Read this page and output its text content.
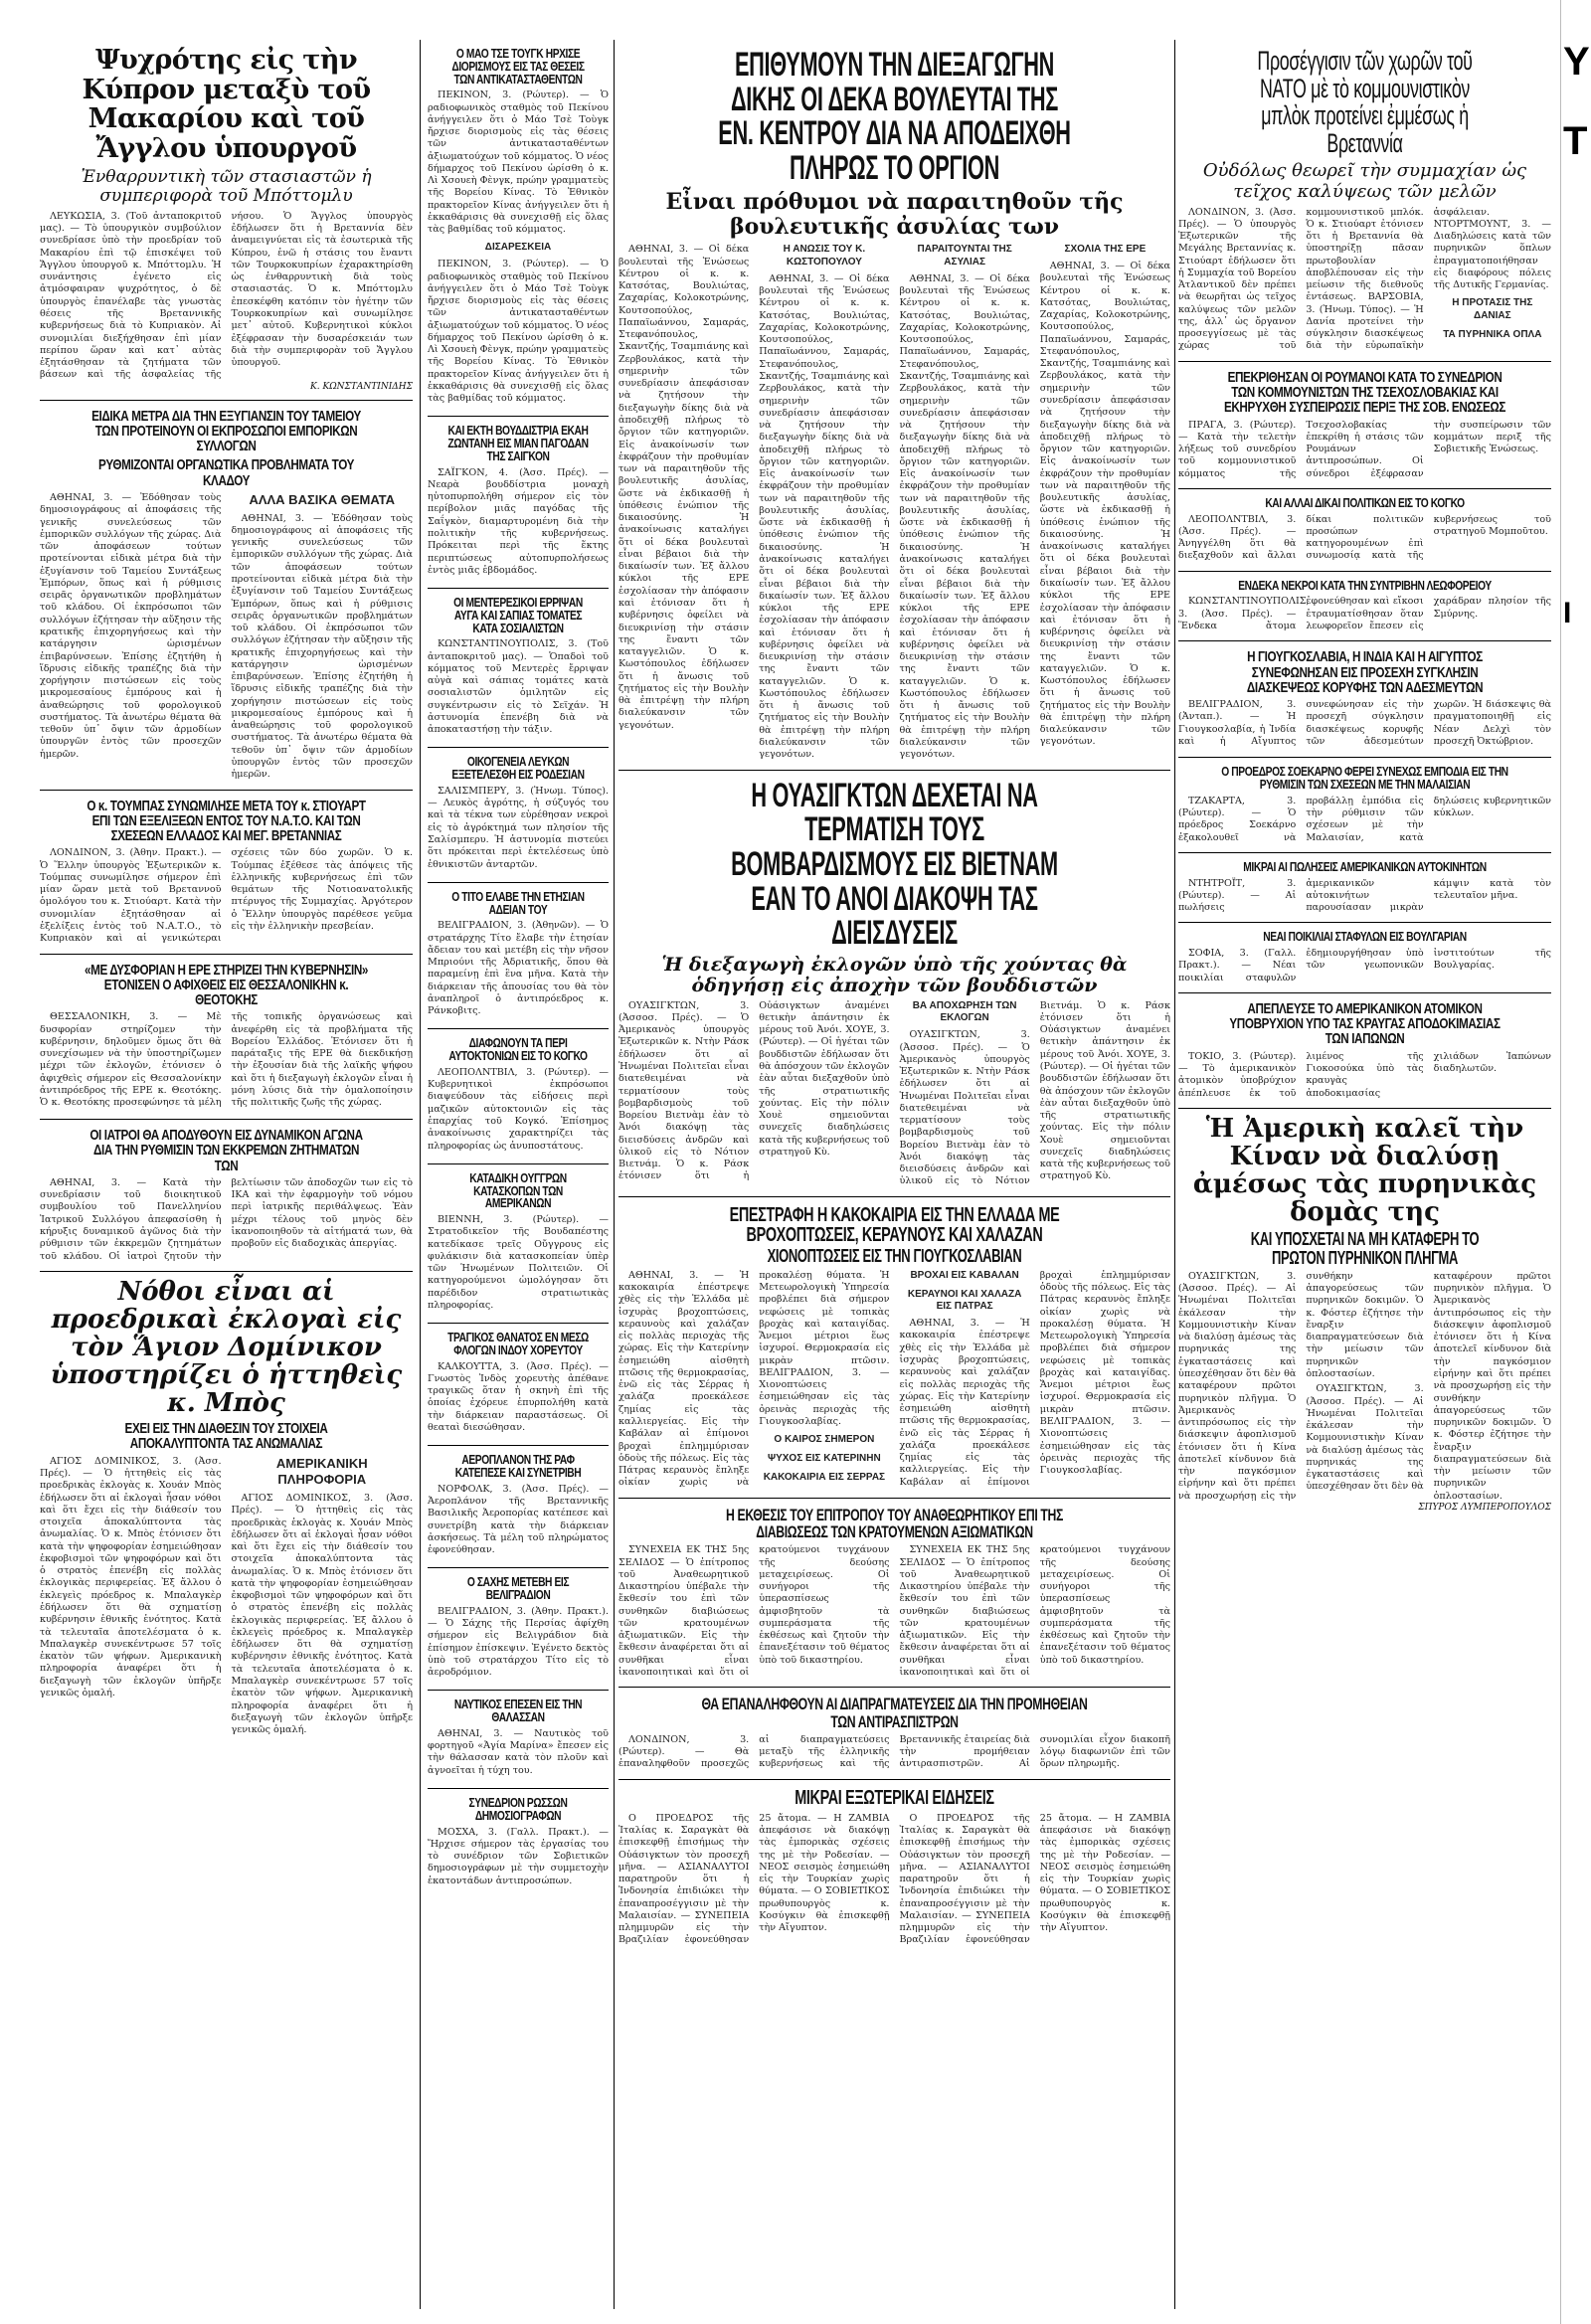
Ψυχρότης εἰς τὴν Κύπρον μεταξὺ τοῦ Μακαρίου καὶ τοῦ Ἄγγλου ὑπουργοῦ
Ἐνθαρρυντικὴ τῶν στασιαστῶν ἡ συμπεριφορὰ τοῦ Μπόττομλυ

ΛΕΥΚΩΣΙΑ, 3. (Τοῦ ἀνταποκριτοῦ μας). — Τὸ ὑπουργικὸν συμβούλιον συνεδρίασε ὑπὸ τὴν προεδρίαν τοῦ Μακαρίου ἐπὶ τῷ ἐπισκέψει τοῦ Ἄγγλου ὑπουργοῦ κ. Μπόττομλυ. Ἡ συνάντησις ἐγένετο εἰς ἀτμόσφαιραν ψυχρότητος, ὁ δὲ ὑπουργὸς ἐπανέλαβε τὰς γνωστὰς θέσεις τῆς Βρεταννικῆς κυβερνήσεως διὰ τὸ Κυπριακὸν. Αἱ συνομιλίαι διεξήχθησαν ἐπὶ μίαν περίπου ὥραν καὶ κατ᾿ αὐτὰς ἐξητάσθησαν τὰ ζητήματα τῶν βάσεων καὶ τῆς ἀσφαλείας τῆς νήσου. Ὁ Ἄγγλος ὑπουργὸς ἐδήλωσεν ὅτι ἡ Βρεταννία δὲν ἀναμειγνύεται εἰς τὰ ἐσωτερικὰ τῆς Κύπρου, ἐνῶ ἡ στάσις του ἔναντι τῶν Τουρκοκυπρίων ἐχαρακτηρίσθη ὡς ἐνθαρρυντικὴ διὰ τοὺς στασιαστάς. Ὁ κ. Μπόττομλυ ἐπεσκέφθη κατόπιν τὸν ἡγέτην τῶν Τουρκοκυπρίων καὶ συνωμίλησε μετ᾿ αὐτοῦ. Κυβερνητικοὶ κύκλοι ἐξέφρασαν τὴν δυσαρέσκειάν των διὰ τὴν συμπεριφορὰν τοῦ Ἄγγλου ὑπουργοῦ.

Κ. ΚΩΝΣΤΑΝΤΙΝΙΔΗΣ
ΕΙΔΙΚΑ ΜΕΤΡΑ ΔΙΑ ΤΗΝ ΕΞΥΓΙΑΝΣΙΝ ΤΟΥ ΤΑΜΕΙΟΥ ΤΩΝ ΠΡΟΤΕΙΝΟΥΝ ΟΙ ΕΚΠΡΟΣΩΠΟΙ ΕΜΠΟΡΙΚΩΝ ΣΥΛΛΟΓΩΝ
ΡΥΘΜΙΖΟΝΤΑΙ ΟΡΓΑΝΩΤΙΚΑ ΠΡΟΒΛΗΜΑΤΑ ΤΟΥ ΚΛΑΔΟΥ

ΑΘΗΝΑΙ, 3. — Ἐδόθησαν τοὺς δημοσιογράφους αἱ ἀποφάσεις τῆς γενικῆς συνελεύσεως τῶν ἐμπορικῶν συλλόγων τῆς χώρας. Διὰ τῶν ἀποφάσεων τούτων προτείνονται εἰδικὰ μέτρα διὰ τὴν ἐξυγίανσιν τοῦ Ταμείου Συντάξεως Ἐμπόρων, ὅπως καὶ ἡ ρύθμισις σειρᾶς ὀργανωτικῶν προβλημάτων τοῦ κλάδου. Οἱ ἐκπρόσωποι τῶν συλλόγων ἐζήτησαν τὴν αὔξησιν τῆς κρατικῆς ἐπιχορηγήσεως καὶ τὴν κατάργησιν ὡρισμένων ἐπιβαρύνσεων. Ἐπίσης ἐζητήθη ἡ ἵδρυσις εἰδικῆς τραπέζης διὰ τὴν χορήγησιν πιστώσεων εἰς τοὺς μικρομεσαίους ἐμπόρους καὶ ἡ ἀναθεώρησις τοῦ φορολογικοῦ συστήματος. Τὰ ἀνωτέρω θέματα θὰ τεθοῦν ὑπ᾿ ὄψιν τῶν ἁρμοδίων ὑπουργῶν ἐντὸς τῶν προσεχῶν ἡμερῶν.

ΑΛΛΑ ΒΑΣΙΚΑ ΘΕΜΑΤΑ

ΑΘΗΝΑΙ, 3. — Ἐδόθησαν τοὺς δημοσιογράφους αἱ ἀποφάσεις τῆς γενικῆς συνελεύσεως τῶν ἐμπορικῶν συλλόγων τῆς χώρας. Διὰ τῶν ἀποφάσεων τούτων προτείνονται εἰδικὰ μέτρα διὰ τὴν ἐξυγίανσιν τοῦ Ταμείου Συντάξεως Ἐμπόρων, ὅπως καὶ ἡ ρύθμισις σειρᾶς ὀργανωτικῶν προβλημάτων τοῦ κλάδου. Οἱ ἐκπρόσωποι τῶν συλλόγων ἐζήτησαν τὴν αὔξησιν τῆς κρατικῆς ἐπιχορηγήσεως καὶ τὴν κατάργησιν ὡρισμένων ἐπιβαρύνσεων. Ἐπίσης ἐζητήθη ἡ ἵδρυσις εἰδικῆς τραπέζης διὰ τὴν χορήγησιν πιστώσεων εἰς τοὺς μικρομεσαίους ἐμπόρους καὶ ἡ ἀναθεώρησις τοῦ φορολογικοῦ συστήματος. Τὰ ἀνωτέρω θέματα θὰ τεθοῦν ὑπ᾿ ὄψιν τῶν ἁρμοδίων ὑπουργῶν ἐντὸς τῶν προσεχῶν ἡμερῶν.

Ο κ. ΤΟΥΜΠΑΣ ΣΥΝΩΜΙΛΗΣΕ ΜΕΤΑ ΤΟΥ κ. ΣΤΙΟΥΑΡΤ ΕΠΙ ΤΩΝ ΕΞΕΛΙΞΕΩΝ ΕΝΤΟΣ ΤΟΥ Ν.Α.Τ.Ο. ΚΑΙ ΤΩΝ ΣΧΕΣΕΩΝ ΕΛΛΑΔΟΣ ΚΑΙ ΜΕΓ. ΒΡΕΤΑΝΝΙΑΣ

ΛΟΝΔΙΝΟΝ, 3. (Ἀθην. Πρακτ.). — Ὁ Ἕλλην ὑπουργὸς Ἐξωτερικῶν κ. Τούμπας συνωμίλησε σήμερον ἐπὶ μίαν ὥραν μετὰ τοῦ Βρεταννοῦ ὁμολόγου του κ. Στιούαρτ. Κατὰ τὴν συνομιλίαν ἐξητάσθησαν αἱ ἐξελίξεις ἐντὸς τοῦ Ν.Α.Τ.Ο., τὸ Κυπριακὸν καὶ αἱ γενικώτεραι σχέσεις τῶν δύο χωρῶν. Ὁ κ. Τούμπας ἐξέθεσε τὰς ἀπόψεις τῆς ἑλληνικῆς κυβερνήσεως ἐπὶ τῶν θεμάτων τῆς Νοτιοανατολικῆς πτέρυγος τῆς Συμμαχίας. Ἀργότερον ὁ Ἕλλην ὑπουργὸς παρέθεσε γεῦμα εἰς τὴν ἑλληνικὴν πρεσβείαν.

«ΜΕ ΔΥΣΦΟΡΙΑΝ Η ΕΡΕ ΣΤΗΡΙΖΕΙ ΤΗΝ ΚΥΒΕΡΝΗΣΙΝ» ΕΤΟΝΙΣΕΝ Ο ΑΦΙΧΘΕΙΣ ΕΙΣ ΘΕΣΣΑΛΟΝΙΚΗΝ κ. ΘΕΟΤΟΚΗΣ

ΘΕΣΣΑΛΟΝΙΚΗ, 3. — Μὲ δυσφορίαν στηρίζομεν τὴν κυβέρνησιν, δηλοῦμεν ὅμως ὅτι θὰ συνεχίσωμεν νὰ τὴν ὑποστηρίζωμεν μέχρι τῶν ἐκλογῶν, ἐτόνισεν ὁ ἀφιχθεὶς σήμερον εἰς Θεσσαλονίκην ἀντιπρόεδρος τῆς ΕΡΕ κ. Θεοτόκης. Ὁ κ. Θεοτόκης προσεφώνησε τὰ μέλη τῆς τοπικῆς ὀργανώσεως καὶ ἀνεφέρθη εἰς τὰ προβλήματα τῆς Βορείου Ἑλλάδος. Ἐτόνισεν ὅτι ἡ παράταξις τῆς ΕΡΕ θὰ διεκδικήσῃ τὴν ἐξουσίαν διὰ τῆς λαϊκῆς ψήφου καὶ ὅτι ἡ διεξαγωγὴ ἐκλογῶν εἶναι ἡ μόνη λύσις διὰ τὴν ὁμαλοποίησιν τῆς πολιτικῆς ζωῆς τῆς χώρας.

ΟΙ ΙΑΤΡΟΙ ΘΑ ΑΠΟΔΥΘΟΥΝ ΕΙΣ ΔΥΝΑΜΙΚΟΝ ΑΓΩΝΑ ΔΙΑ ΤΗΝ ΡΥΘΜΙΣΙΝ ΤΩΝ ΕΚΚΡΕΜΩΝ ΖΗΤΗΜΑΤΩΝ ΤΩΝ

ΑΘΗΝΑΙ, 3. — Κατὰ τὴν συνεδρίασιν τοῦ διοικητικοῦ συμβουλίου τοῦ Πανελληνίου Ἰατρικοῦ Συλλόγου ἀπεφασίσθη ἡ κήρυξις δυναμικοῦ ἀγῶνος διὰ τὴν ρύθμισιν τῶν ἐκκρεμῶν ζητημάτων τοῦ κλάδου. Οἱ ἰατροὶ ζητοῦν τὴν βελτίωσιν τῶν ἀποδοχῶν των εἰς τὸ ΙΚΑ καὶ τὴν ἐφαρμογὴν τοῦ νόμου περὶ ἰατρικῆς περιθάλψεως. Ἐὰν μέχρι τέλους τοῦ μηνὸς δὲν ἱκανοποιηθοῦν τὰ αἰτήματά των, θὰ προβοῦν εἰς διαδοχικὰς ἀπεργίας.

Νόθοι εἶναι αἱ προεδρικαὶ ἐκλογαὶ εἰς τὸν Ἅγιον Δομίνικον ὑποστηρίζει ὁ ἡττηθεὶς κ. Μπὸς
ΕΧΕΙ ΕΙΣ ΤΗΝ ΔΙΑΘΕΣΙΝ ΤΟΥ ΣΤΟΙΧΕΙΑ ΑΠΟΚΑΛΥΠΤΟΝΤΑ ΤΑΣ ΑΝΩΜΑΛΙΑΣ

ΑΓΙΟΣ ΔΟΜΙΝΙΚΟΣ, 3. (Ἀσσ. Πρές). — Ὁ ἡττηθεὶς εἰς τὰς προεδρικὰς ἐκλογὰς κ. Χουάν Μπὸς ἐδήλωσεν ὅτι αἱ ἐκλογαὶ ἦσαν νόθοι καὶ ὅτι ἔχει εἰς τὴν διάθεσίν του στοιχεῖα ἀποκαλύπτοντα τὰς ἀνωμαλίας. Ὁ κ. Μπὸς ἐτόνισεν ὅτι κατὰ τὴν ψηφοφορίαν ἐσημειώθησαν ἐκφοβισμοὶ τῶν ψηφοφόρων καὶ ὅτι ὁ στρατὸς ἐπενέβη εἰς πολλὰς ἐκλογικὰς περιφερείας. Ἐξ ἄλλου ὁ ἐκλεγεὶς πρόεδρος κ. Μπαλαγκὲρ ἐδήλωσεν ὅτι θὰ σχηματίσῃ κυβέρνησιν ἐθνικῆς ἑνότητος. Κατὰ τὰ τελευταῖα ἀποτελέσματα ὁ κ. Μπαλαγκὲρ συνεκέντρωσε 57 τοῖς ἑκατὸν τῶν ψήφων. Ἀμερικανικὴ πληροφορία ἀναφέρει ὅτι ἡ διεξαγωγὴ τῶν ἐκλογῶν ὑπῆρξε γενικῶς ὁμαλή.

ΑΜΕΡΙΚΑΝΙΚΗ ΠΛΗΡΟΦΟΡΙΑ

ΑΓΙΟΣ ΔΟΜΙΝΙΚΟΣ, 3. (Ἀσσ. Πρές). — Ὁ ἡττηθεὶς εἰς τὰς προεδρικὰς ἐκλογὰς κ. Χουάν Μπὸς ἐδήλωσεν ὅτι αἱ ἐκλογαὶ ἦσαν νόθοι καὶ ὅτι ἔχει εἰς τὴν διάθεσίν του στοιχεῖα ἀποκαλύπτοντα τὰς ἀνωμαλίας. Ὁ κ. Μπὸς ἐτόνισεν ὅτι κατὰ τὴν ψηφοφορίαν ἐσημειώθησαν ἐκφοβισμοὶ τῶν ψηφοφόρων καὶ ὅτι ὁ στρατὸς ἐπενέβη εἰς πολλὰς ἐκλογικὰς περιφερείας. Ἐξ ἄλλου ὁ ἐκλεγεὶς πρόεδρος κ. Μπαλαγκὲρ ἐδήλωσεν ὅτι θὰ σχηματίσῃ κυβέρνησιν ἐθνικῆς ἑνότητος. Κατὰ τὰ τελευταῖα ἀποτελέσματα ὁ κ. Μπαλαγκὲρ συνεκέντρωσε 57 τοῖς ἑκατὸν τῶν ψήφων. Ἀμερικανικὴ πληροφορία ἀναφέρει ὅτι ἡ διεξαγωγὴ τῶν ἐκλογῶν ὑπῆρξε γενικῶς ὁμαλή.

Ο ΜΑΟ ΤΣΕ ΤΟΥΓΚ ΗΡΧΙΣΕ ΔΙΟΡΙΣΜΟΥΣ ΕΙΣ ΤΑΣ ΘΕΣΕΙΣ ΤΩΝ ΑΝΤΙΚΑΤΑΣΤΑΘΕΝΤΩΝ

ΠΕΚΙΝΟΝ, 3. (Ρώυτερ). — Ὁ ραδιοφωνικὸς σταθμὸς τοῦ Πεκίνου ἀνήγγειλεν ὅτι ὁ Μάο Τσὲ Τοὺγκ ἤρχισε διορισμοὺς εἰς τὰς θέσεις τῶν ἀντικατασταθέντων ἀξιωματούχων τοῦ κόμματος. Ὁ νέος δήμαρχος τοῦ Πεκίνου ὡρίσθη ὁ κ. Λὶ Χσουεὴ Φὲνγκ, πρώην γραμματεὺς τῆς Βορείου Κίνας. Τὸ Ἐθνικὸν πρακτορεῖον Κίνας ἀνήγγειλεν ὅτι ἡ ἐκκαθάρισις θὰ συνεχισθῇ εἰς ὅλας τὰς βαθμίδας τοῦ κόμματος.

ΔΙΣΑΡΕΣΚΕΙΑ

ΠΕΚΙΝΟΝ, 3. (Ρώυτερ). — Ὁ ραδιοφωνικὸς σταθμὸς τοῦ Πεκίνου ἀνήγγειλεν ὅτι ὁ Μάο Τσὲ Τοὺγκ ἤρχισε διορισμοὺς εἰς τὰς θέσεις τῶν ἀντικατασταθέντων ἀξιωματούχων τοῦ κόμματος. Ὁ νέος δήμαρχος τοῦ Πεκίνου ὡρίσθη ὁ κ. Λὶ Χσουεὴ Φὲνγκ, πρώην γραμματεὺς τῆς Βορείου Κίνας. Τὸ Ἐθνικὸν πρακτορεῖον Κίνας ἀνήγγειλεν ὅτι ἡ ἐκκαθάρισις θὰ συνεχισθῇ εἰς ὅλας τὰς βαθμίδας τοῦ κόμματος.

ΚΑΙ ΕΚΤΗ ΒΟΥΔΔΙΣΤΡΙΑ ΕΚΑΗ ΖΩΝΤΑΝΗ ΕΙΣ ΜΙΑΝ ΠΑΓΟΔΑΝ ΤΗΣ ΣΑΙΓΚΟΝ

ΣΑΪΓΚΟΝ, 4. (Ἀσσ. Πρές). — Νεαρὰ βουδδίστρια μοναχὴ ηὐτοπυρπολήθη σήμερον εἰς τὸν περίβολον μιᾶς παγόδας τῆς Σαΐγκὸν, διαμαρτυρομένη διὰ τὴν πολιτικὴν τῆς κυβερνήσεως. Πρόκειται περὶ τῆς ἕκτης περιπτώσεως αὐτοπυρπολήσεως ἐντὸς μιᾶς ἑβδομάδος.

ΟΙ ΜΕΝΤΕΡΕΣΙΚΟΙ ΕΡΡΙΨΑΝ ΑΥΓΑ ΚΑΙ ΣΑΠΙΑΣ ΤΟΜΑΤΕΣ ΚΑΤΑ ΣΟΣΙΑΛΙΣΤΩΝ

ΚΩΝΣΤΑΝΤΙΝΟΥΠΟΛΙΣ, 3. (Τοῦ ἀνταποκριτοῦ μας). — Ὁπαδοὶ τοῦ κόμματος τοῦ Μεντερὲς ἔρριψαν αὐγὰ καὶ σάπιας τομάτες κατὰ σοσιαλιστῶν ὁμιλητῶν εἰς συγκέντρωσιν εἰς τὸ Σεϊχάν. Ἡ ἀστυνομία ἐπενέβη διὰ νὰ ἀποκαταστήσῃ τὴν τάξιν.

ΟΙΚΟΓΕΝΕΙΑ ΛΕΥΚΩΝ ΕΞΕΤΕΛΕΣΘΗ ΕΙΣ ΡΟΔΕΣΙΑΝ

ΣΑΛΙΣΜΠΕΡΥ, 3. (Ἠνωμ. Τύπος). — Λευκὸς ἀγρότης, ἡ σύζυγός του καὶ τὰ τέκνα των εὑρέθησαν νεκροὶ εἰς τὸ ἀγρόκτημά των πλησίον τῆς Σαλίσμπερυ. Ἡ ἀστυνομία πιστεύει ὅτι πρόκειται περὶ ἐκτελέσεως ὑπὸ ἐθνικιστῶν ἀνταρτῶν.

Ο ΤΙΤΟ ΕΛΑΒΕ ΤΗΝ ΕΤΗΣΙΑΝ ΑΔΕΙΑΝ ΤΟΥ

ΒΕΛΙΓΡΑΔΙΟΝ, 3. (Ἀθηνῶν). — Ὁ στρατάρχης Τίτο ἔλαβε τὴν ἐτησίαν ἄδειαν του καὶ μετέβη εἰς τὴν νῆσον Μπριούνι τῆς Ἀδριατικῆς, ὅπου θὰ παραμείνῃ ἐπὶ ἓνα μῆνα. Κατὰ τὴν διάρκειαν τῆς ἀπουσίας του θὰ τὸν ἀναπληροῖ ὁ ἀντιπρόεδρος κ. Ράνκοβιτς.

ΔΙΑΦΩΝΟΥΝ ΤΑ ΠΕΡΙ ΑΥΤΟΚΤΟΝΙΩΝ ΕΙΣ ΤΟ ΚΟΓΚΟ

ΛΕΟΠΟΛΝΤΒΙΛ, 3. (Ρώυτερ). — Κυβερνητικοὶ ἐκπρόσωποι διαψεύδουν τὰς εἰδήσεις περὶ μαζικῶν αὐτοκτονιῶν εἰς τὰς ἐπαρχίας τοῦ Κογκό. Ἐπίσημος ἀνακοίνωσις χαρακτηρίζει τὰς πληροφορίας ὡς ἀνυποστάτους.

ΚΑΤΑΔΙΚΗ ΟΥΓΓΡΩΝ ΚΑΤΑΣΚΟΠΩΝ ΤΩΝ ΑΜΕΡΙΚΑΝΩΝ

ΒΙΕΝΝΗ, 3. (Ρώυτερ). — Στρατοδικεῖον τῆς Βουδαπέστης κατεδίκασε τρεῖς Οὔγγρους εἰς φυλάκισιν διὰ κατασκοπείαν ὑπὲρ τῶν Ἡνωμένων Πολιτειῶν. Οἱ κατηγορούμενοι ὡμολόγησαν ὅτι παρέδιδον στρατιωτικὰς πληροφορίας.

ΤΡΑΓΙΚΟΣ ΘΑΝΑΤΟΣ ΕΝ ΜΕΣΩ ΦΛΟΓΩΝ ΙΝΔΟΥ ΧΟΡΕΥΤΟΥ

ΚΑΛΚΟΥΤΤΑ, 3. (Ἀσσ. Πρές). — Γνωστὸς Ἰνδὸς χορευτὴς ἀπέθανε τραγικῶς ὅταν ἡ σκηνὴ ἐπὶ τῆς ὁποίας ἐχόρευε ἐπυρπολήθη κατὰ τὴν διάρκειαν παραστάσεως. Οἱ θεαταὶ διεσώθησαν.

ΑΕΡΟΠΛΑΝΟΝ ΤΗΣ ΡΑΦ ΚΑΤΕΠΕΣΕ ΚΑΙ ΣΥΝΕΤΡΙΒΗ

ΝΟΡΦΟΛΚ, 3. (Ἀσσ. Πρές). — Ἀεροπλάνον τῆς Βρεταννικῆς Βασιλικῆς Ἀεροπορίας κατέπεσε καὶ συνετρίβη κατὰ τὴν διάρκειαν ἀσκήσεως. Τὰ μέλη τοῦ πληρώματος ἐφονεύθησαν.

Ο ΣΑΧΗΣ ΜΕΤΕΒΗ ΕΙΣ ΒΕΛΙΓΡΑΔΙΟΝ

ΒΕΛΙΓΡΑΔΙΟΝ, 3. (Ἀθην. Πρακτ.). — Ὁ Σάχης τῆς Περσίας ἀφίχθη σήμερον εἰς Βελιγράδιον διὰ ἐπίσημον ἐπίσκεψιν. Ἐγένετο δεκτὸς ὑπὸ τοῦ στρατάρχου Τίτο εἰς τὸ ἀεροδρόμιον.

ΝΑΥΤΙΚΟΣ ΕΠΕΣΕΝ ΕΙΣ ΤΗΝ ΘΑΛΑΣΣΑΝ

ΑΘΗΝΑΙ, 3. — Ναυτικὸς τοῦ φορτηγοῦ «Ἀγία Μαρίνα» ἔπεσεν εἰς τὴν θάλασσαν κατὰ τὸν πλοῦν καὶ ἀγνοεῖται ἡ τύχη του.

ΣΥΝΕΔΡΙΟΝ ΡΩΣΣΩΝ ΔΗΜΟΣΙΟΓΡΑΦΩΝ

ΜΟΣΧΑ, 3. (Γαλλ. Πρακτ.). — Ἤρχισε σήμερον τὰς ἐργασίας του τὸ συνέδριον τῶν Σοβιετικῶν δημοσιογράφων μὲ τὴν συμμετοχὴν ἑκατοντάδων ἀντιπροσώπων.

ΕΠΙΘΥΜΟΥΝ ΤΗΝ ΔΙΕΞΑΓΩΓΗΝ ΔΙΚΗΣ ΟΙ ΔΕΚΑ ΒΟΥΛΕΥΤΑΙ ΤΗΣ ΕΝ. ΚΕΝΤΡΟΥ ΔΙΑ ΝΑ ΑΠΟΔΕΙΧΘΗ ΠΛΗΡΩΣ ΤΟ ΟΡΓΙΟΝ
Εἶναι πρόθυμοι νὰ παραιτηθοῦν τῆς βουλευτικῆς ἀσυλίας των

ΑΘΗΝΑΙ, 3. — Οἱ δέκα βουλευταὶ τῆς Ἑνώσεως Κέντρου οἱ κ. κ. Κατσότας, Βουλιώτας, Ζαχαρίας, Κολοκοτρώνης, Κουτσοπούλος, Παπαϊωάννου, Σαμαράς, Στεφανόπουλος, Σκαντζής, Τσαμπιάνης καὶ Ζερβουλάκος, κατὰ τὴν σημερινὴν τῶν συνεδρίασιν ἀπεφάσισαν νὰ ζητήσουν τὴν διεξαγωγὴν δίκης διὰ νὰ ἀποδειχθῇ πλήρως τὸ ὄργιον τῶν κατηγοριῶν. Εἰς ἀνακοίνωσίν των ἐκφράζουν τὴν προθυμίαν των νὰ παραιτηθοῦν τῆς βουλευτικῆς ἀσυλίας, ὥστε νὰ ἐκδικασθῇ ἡ ὑπόθεσις ἐνώπιον τῆς δικαιοσύνης. Ἡ ἀνακοίνωσις καταλήγει ὅτι οἱ δέκα βουλευταὶ εἶναι βέβαιοι διὰ τὴν δικαίωσίν των. Ἐξ ἄλλου κύκλοι τῆς ΕΡΕ ἐσχολίασαν τὴν ἀπόφασιν καὶ ἐτόνισαν ὅτι ἡ κυβέρνησις ὀφείλει νὰ διευκρινίσῃ τὴν στάσιν της ἔναντι τῶν καταγγελιῶν. Ὁ κ. Κωστόπουλος ἐδήλωσεν ὅτι ἡ ἄνωσις τοῦ ζητήματος εἰς τὴν Βουλὴν θὰ ἐπιτρέψῃ τὴν πλήρη διαλεύκανσιν τῶν γεγονότων.

Η ΑΝΩΣΙΣ ΤΟΥ Κ. ΚΩΣΤΟΠΟΥΛΟΥ

ΑΘΗΝΑΙ, 3. — Οἱ δέκα βουλευταὶ τῆς Ἑνώσεως Κέντρου οἱ κ. κ. Κατσότας, Βουλιώτας, Ζαχαρίας, Κολοκοτρώνης, Κουτσοπούλος, Παπαϊωάννου, Σαμαράς, Στεφανόπουλος, Σκαντζής, Τσαμπιάνης καὶ Ζερβουλάκος, κατὰ τὴν σημερινὴν τῶν συνεδρίασιν ἀπεφάσισαν νὰ ζητήσουν τὴν διεξαγωγὴν δίκης διὰ νὰ ἀποδειχθῇ πλήρως τὸ ὄργιον τῶν κατηγοριῶν. Εἰς ἀνακοίνωσίν των ἐκφράζουν τὴν προθυμίαν των νὰ παραιτηθοῦν τῆς βουλευτικῆς ἀσυλίας, ὥστε νὰ ἐκδικασθῇ ἡ ὑπόθεσις ἐνώπιον τῆς δικαιοσύνης. Ἡ ἀνακοίνωσις καταλήγει ὅτι οἱ δέκα βουλευταὶ εἶναι βέβαιοι διὰ τὴν δικαίωσίν των. Ἐξ ἄλλου κύκλοι τῆς ΕΡΕ ἐσχολίασαν τὴν ἀπόφασιν καὶ ἐτόνισαν ὅτι ἡ κυβέρνησις ὀφείλει νὰ διευκρινίσῃ τὴν στάσιν της ἔναντι τῶν καταγγελιῶν. Ὁ κ. Κωστόπουλος ἐδήλωσεν ὅτι ἡ ἄνωσις τοῦ ζητήματος εἰς τὴν Βουλὴν θὰ ἐπιτρέψῃ τὴν πλήρη διαλεύκανσιν τῶν γεγονότων.

ΠΑΡΑΙΤΟΥΝΤΑΙ ΤΗΣ ΑΣΥΛΙΑΣ

ΑΘΗΝΑΙ, 3. — Οἱ δέκα βουλευταὶ τῆς Ἑνώσεως Κέντρου οἱ κ. κ. Κατσότας, Βουλιώτας, Ζαχαρίας, Κολοκοτρώνης, Κουτσοπούλος, Παπαϊωάννου, Σαμαράς, Στεφανόπουλος, Σκαντζής, Τσαμπιάνης καὶ Ζερβουλάκος, κατὰ τὴν σημερινὴν τῶν συνεδρίασιν ἀπεφάσισαν νὰ ζητήσουν τὴν διεξαγωγὴν δίκης διὰ νὰ ἀποδειχθῇ πλήρως τὸ ὄργιον τῶν κατηγοριῶν. Εἰς ἀνακοίνωσίν των ἐκφράζουν τὴν προθυμίαν των νὰ παραιτηθοῦν τῆς βουλευτικῆς ἀσυλίας, ὥστε νὰ ἐκδικασθῇ ἡ ὑπόθεσις ἐνώπιον τῆς δικαιοσύνης. Ἡ ἀνακοίνωσις καταλήγει ὅτι οἱ δέκα βουλευταὶ εἶναι βέβαιοι διὰ τὴν δικαίωσίν των. Ἐξ ἄλλου κύκλοι τῆς ΕΡΕ ἐσχολίασαν τὴν ἀπόφασιν καὶ ἐτόνισαν ὅτι ἡ κυβέρνησις ὀφείλει νὰ διευκρινίσῃ τὴν στάσιν της ἔναντι τῶν καταγγελιῶν. Ὁ κ. Κωστόπουλος ἐδήλωσεν ὅτι ἡ ἄνωσις τοῦ ζητήματος εἰς τὴν Βουλὴν θὰ ἐπιτρέψῃ τὴν πλήρη διαλεύκανσιν τῶν γεγονότων.

ΣΧΟΛΙΑ ΤΗΣ ΕΡΕ

ΑΘΗΝΑΙ, 3. — Οἱ δέκα βουλευταὶ τῆς Ἑνώσεως Κέντρου οἱ κ. κ. Κατσότας, Βουλιώτας, Ζαχαρίας, Κολοκοτρώνης, Κουτσοπούλος, Παπαϊωάννου, Σαμαράς, Στεφανόπουλος, Σκαντζής, Τσαμπιάνης καὶ Ζερβουλάκος, κατὰ τὴν σημερινὴν τῶν συνεδρίασιν ἀπεφάσισαν νὰ ζητήσουν τὴν διεξαγωγὴν δίκης διὰ νὰ ἀποδειχθῇ πλήρως τὸ ὄργιον τῶν κατηγοριῶν. Εἰς ἀνακοίνωσίν των ἐκφράζουν τὴν προθυμίαν των νὰ παραιτηθοῦν τῆς βουλευτικῆς ἀσυλίας, ὥστε νὰ ἐκδικασθῇ ἡ ὑπόθεσις ἐνώπιον τῆς δικαιοσύνης. Ἡ ἀνακοίνωσις καταλήγει ὅτι οἱ δέκα βουλευταὶ εἶναι βέβαιοι διὰ τὴν δικαίωσίν των. Ἐξ ἄλλου κύκλοι τῆς ΕΡΕ ἐσχολίασαν τὴν ἀπόφασιν καὶ ἐτόνισαν ὅτι ἡ κυβέρνησις ὀφείλει νὰ διευκρινίσῃ τὴν στάσιν της ἔναντι τῶν καταγγελιῶν. Ὁ κ. Κωστόπουλος ἐδήλωσεν ὅτι ἡ ἄνωσις τοῦ ζητήματος εἰς τὴν Βουλὴν θὰ ἐπιτρέψῃ τὴν πλήρη διαλεύκανσιν τῶν γεγονότων.

Η ΟΥΑΣΙΓΚΤΩΝ ΔΕΧΕΤΑΙ ΝΑ ΤΕΡΜΑΤΙΣΗ ΤΟΥΣ ΒΟΜΒΑΡΔΙΣΜΟΥΣ ΕΙΣ ΒΙΕΤΝΑΜ ΕΑΝ ΤΟ ΑΝΟΙ ΔΙΑΚΟΨΗ ΤΑΣ ΔΙΕΙΣΔΥΣΕΙΣ
Ἡ διεξαγωγὴ ἐκλογῶν ὑπὸ τῆς χούντας θὰ ὁδηγήσῃ εἰς ἀποχὴν τῶν βουδδιστῶν

ΟΥΑΣΙΓΚΤΩΝ, 3. (Ἀσσοσ. Πρές). — Ὁ Ἀμερικανὸς ὑπουργὸς Ἐξωτερικῶν κ. Ντὴν Ράσκ ἐδήλωσεν ὅτι αἱ Ἡνωμέναι Πολιτεῖαι εἶναι διατεθειμέναι νὰ τερματίσουν τοὺς βομβαρδισμοὺς τοῦ Βορείου Βιετνὰμ ἐὰν τὸ Ἀνόι διακόψῃ τὰς διεισδύσεις ἀνδρῶν καὶ ὑλικοῦ εἰς τὸ Νότιον Βιετνάμ. Ὁ κ. Ράσκ ἐτόνισεν ὅτι ἡ Οὐάσιγκτων ἀναμένει θετικὴν ἀπάντησιν ἐκ μέρους τοῦ Ἀνόι. ΧΟΥΕ, 3. (Ρώυτερ). — Οἱ ἡγέται τῶν βουδδιστῶν ἐδήλωσαν ὅτι θὰ ἀπόσχουν τῶν ἐκλογῶν ἐὰν αὗται διεξαχθοῦν ὑπὸ τῆς στρατιωτικῆς χούντας. Εἰς τὴν πόλιν Χουὲ σημειοῦνται συνεχεῖς διαδηλώσεις κατὰ τῆς κυβερνήσεως τοῦ στρατηγοῦ Κὺ.

ΒΑ ΑΠΟΧΩΡΗΣΗ ΤΩΝ ΕΚΛΟΓΩΝ

ΟΥΑΣΙΓΚΤΩΝ, 3. (Ἀσσοσ. Πρές). — Ὁ Ἀμερικανὸς ὑπουργὸς Ἐξωτερικῶν κ. Ντὴν Ράσκ ἐδήλωσεν ὅτι αἱ Ἡνωμέναι Πολιτεῖαι εἶναι διατεθειμέναι νὰ τερματίσουν τοὺς βομβαρδισμοὺς τοῦ Βορείου Βιετνὰμ ἐὰν τὸ Ἀνόι διακόψῃ τὰς διεισδύσεις ἀνδρῶν καὶ ὑλικοῦ εἰς τὸ Νότιον Βιετνάμ. Ὁ κ. Ράσκ ἐτόνισεν ὅτι ἡ Οὐάσιγκτων ἀναμένει θετικὴν ἀπάντησιν ἐκ μέρους τοῦ Ἀνόι. ΧΟΥΕ, 3. (Ρώυτερ). — Οἱ ἡγέται τῶν βουδδιστῶν ἐδήλωσαν ὅτι θὰ ἀπόσχουν τῶν ἐκλογῶν ἐὰν αὗται διεξαχθοῦν ὑπὸ τῆς στρατιωτικῆς χούντας. Εἰς τὴν πόλιν Χουὲ σημειοῦνται συνεχεῖς διαδηλώσεις κατὰ τῆς κυβερνήσεως τοῦ στρατηγοῦ Κὺ.

ΕΠΕΣΤΡΑΦΗ Η ΚΑΚΟΚΑΙΡΙΑ ΕΙΣ ΤΗΝ ΕΛΛΑΔΑ ΜΕ ΒΡΟΧΟΠΤΩΣΕΙΣ, ΚΕΡΑΥΝΟΥΣ ΚΑΙ ΧΑΛΑΖΑΝ
ΧΙΟΝΟΠΤΩΣΕΙΣ ΕΙΣ ΤΗΝ ΓΙΟΥΓΚΟΣΛΑΒΙΑΝ

ΑΘΗΝΑΙ, 3. — Ἡ κακοκαιρία ἐπέστρεψε χθὲς εἰς τὴν Ἑλλάδα μὲ ἰσχυρὰς βροχοπτώσεις, κεραυνοὺς καὶ χαλάζαν εἰς πολλὰς περιοχὰς τῆς χώρας. Εἰς τὴν Κατερίνην ἐσημειώθη αἰσθητὴ πτῶσις τῆς θερμοκρασίας, ἐνῶ εἰς τὰς Σέρρας ἡ χαλάζα προεκάλεσε ζημίας εἰς τὰς καλλιεργείας. Εἰς τὴν Καβάλαν αἱ ἐπίμονοι βροχαὶ ἐπλημμύρισαν ὁδοὺς τῆς πόλεως. Εἰς τὰς Πάτρας κεραυνὸς ἔπληξε οἰκίαν χωρὶς νὰ προκαλέσῃ θύματα. Ἡ Μετεωρολογικὴ Ὑπηρεσία προβλέπει διὰ σήμερον νεφώσεις μὲ τοπικὰς βροχὰς καὶ καταιγίδας. Ἄνεμοι μέτριοι ἕως ἰσχυροί. Θερμοκρασία εἰς μικρὰν πτῶσιν. ΒΕΛΙΓΡΑΔΙΟΝ, 3. — Χιονοπτώσεις ἐσημειώθησαν εἰς τὰς ὀρεινὰς περιοχὰς τῆς Γιουγκοσλαβίας.

Ο ΚΑΙΡΟΣ ΣΗΜΕΡΟΝ
ΨΥΧΟΣ ΕΙΣ ΚΑΤΕΡΙΝΗΝ
ΚΑΚΟΚΑΙΡΙΑ ΕΙΣ ΣΕΡΡΑΣ
ΒΡΟΧΑΙ ΕΙΣ ΚΑΒΑΛΑΝ
ΚΕΡΑΥΝΟΙ ΚΑΙ ΧΑΛΑΖΑ ΕΙΣ ΠΑΤΡΑΣ

ΑΘΗΝΑΙ, 3. — Ἡ κακοκαιρία ἐπέστρεψε χθὲς εἰς τὴν Ἑλλάδα μὲ ἰσχυρὰς βροχοπτώσεις, κεραυνοὺς καὶ χαλάζαν εἰς πολλὰς περιοχὰς τῆς χώρας. Εἰς τὴν Κατερίνην ἐσημειώθη αἰσθητὴ πτῶσις τῆς θερμοκρασίας, ἐνῶ εἰς τὰς Σέρρας ἡ χαλάζα προεκάλεσε ζημίας εἰς τὰς καλλιεργείας. Εἰς τὴν Καβάλαν αἱ ἐπίμονοι βροχαὶ ἐπλημμύρισαν ὁδοὺς τῆς πόλεως. Εἰς τὰς Πάτρας κεραυνὸς ἔπληξε οἰκίαν χωρὶς νὰ προκαλέσῃ θύματα. Ἡ Μετεωρολογικὴ Ὑπηρεσία προβλέπει διὰ σήμερον νεφώσεις μὲ τοπικὰς βροχὰς καὶ καταιγίδας. Ἄνεμοι μέτριοι ἕως ἰσχυροί. Θερμοκρασία εἰς μικρὰν πτῶσιν. ΒΕΛΙΓΡΑΔΙΟΝ, 3. — Χιονοπτώσεις ἐσημειώθησαν εἰς τὰς ὀρεινὰς περιοχὰς τῆς Γιουγκοσλαβίας.

Η ΕΚΘΕΣΙΣ ΤΟΥ ΕΠΙΤΡΟΠΟΥ ΤΟΥ ΑΝΑΘΕΩΡΗΤΙΚΟΥ ΕΠΙ ΤΗΣ ΔΙΑΒΙΩΣΕΩΣ ΤΩΝ ΚΡΑΤΟΥΜΕΝΩΝ ΑΞΙΩΜΑΤΙΚΩΝ

ΣΥΝΕΧΕΙΑ ΕΚ ΤΗΣ 5ης ΣΕΛΙΔΟΣ — Ὁ ἐπίτροπος τοῦ Ἀναθεωρητικοῦ Δικαστηρίου ὑπέβαλε τὴν ἔκθεσίν του ἐπὶ τῶν συνθηκῶν διαβιώσεως τῶν κρατουμένων ἀξιωματικῶν. Εἰς τὴν ἔκθεσιν ἀναφέρεται ὅτι αἱ συνθῆκαι εἶναι ἱκανοποιητικαὶ καὶ ὅτι οἱ κρατούμενοι τυγχάνουν τῆς δεούσης μεταχειρίσεως. Οἱ συνήγοροι τῆς ὑπερασπίσεως ἀμφισβητοῦν τὰ συμπεράσματα τῆς ἐκθέσεως καὶ ζητοῦν τὴν ἐπανεξέτασιν τοῦ θέματος ὑπὸ τοῦ δικαστηρίου.

ΣΥΝΕΧΕΙΑ ΕΚ ΤΗΣ 5ης ΣΕΛΙΔΟΣ — Ὁ ἐπίτροπος τοῦ Ἀναθεωρητικοῦ Δικαστηρίου ὑπέβαλε τὴν ἔκθεσίν του ἐπὶ τῶν συνθηκῶν διαβιώσεως τῶν κρατουμένων ἀξιωματικῶν. Εἰς τὴν ἔκθεσιν ἀναφέρεται ὅτι αἱ συνθῆκαι εἶναι ἱκανοποιητικαὶ καὶ ὅτι οἱ κρατούμενοι τυγχάνουν τῆς δεούσης μεταχειρίσεως. Οἱ συνήγοροι τῆς ὑπερασπίσεως ἀμφισβητοῦν τὰ συμπεράσματα τῆς ἐκθέσεως καὶ ζητοῦν τὴν ἐπανεξέτασιν τοῦ θέματος ὑπὸ τοῦ δικαστηρίου.

ΘΑ ΕΠΑΝΑΛΗΦΘΟΥΝ ΑΙ ΔΙΑΠΡΑΓΜΑΤΕΥΣΕΙΣ ΔΙΑ ΤΗΝ ΠΡΟΜΗΘΕΙΑΝ ΤΩΝ ΑΝΤΙΡΑΣΠΙΣΤΡΩΝ

ΛΟΝΔΙΝΟΝ, 3. (Ρώυτερ). — Θὰ ἐπαναληφθοῦν προσεχῶς αἱ διαπραγματεύσεις μεταξὺ τῆς ἑλληνικῆς κυβερνήσεως καὶ τῆς Βρεταννικῆς ἑταιρείας διὰ τὴν προμήθειαν ἀντιρασπιστρῶν. Αἱ συνομιλίαι εἶχον διακοπῆ λόγῳ διαφωνιῶν ἐπὶ τῶν ὅρων πληρωμῆς.

ΜΙΚΡΑΙ ΕΞΩΤΕΡΙΚΑΙ ΕΙΔΗΣΕΙΣ

Ο ΠΡΟΕΔΡΟΣ τῆς Ἰταλίας κ. Σαραγκὰτ θὰ ἐπισκεφθῇ ἐπισήμως τὴν Οὐάσιγκτων τὸν προσεχῆ μῆνα. — ΑΣΙΑΝΑΛΥΤΟΙ παρατηροῦν ὅτι ἡ Ἰνδονησία ἐπιδιώκει τὴν ἐπαναπροσέγγισιν μὲ τὴν Μαλαισίαν. — ΣΥΝΕΠΕΙΑ πλημμυρῶν εἰς τὴν Βραζιλίαν ἐφονεύθησαν 25 ἄτομα. — Η ΖΑΜΒΙΑ ἀπεφάσισε νὰ διακόψῃ τὰς ἐμπορικὰς σχέσεις της μὲ τὴν Ροδεσίαν. — ΝΕΟΣ σεισμὸς ἐσημειώθη εἰς τὴν Τουρκίαν χωρὶς θύματα. — Ο ΣΟΒΙΕΤΙΚΟΣ πρωθυπουργὸς κ. Κοσύγκιν θὰ ἐπισκεφθῇ τὴν Αἴγυπτον.

Ο ΠΡΟΕΔΡΟΣ τῆς Ἰταλίας κ. Σαραγκὰτ θὰ ἐπισκεφθῇ ἐπισήμως τὴν Οὐάσιγκτων τὸν προσεχῆ μῆνα. — ΑΣΙΑΝΑΛΥΤΟΙ παρατηροῦν ὅτι ἡ Ἰνδονησία ἐπιδιώκει τὴν ἐπαναπροσέγγισιν μὲ τὴν Μαλαισίαν. — ΣΥΝΕΠΕΙΑ πλημμυρῶν εἰς τὴν Βραζιλίαν ἐφονεύθησαν 25 ἄτομα. — Η ΖΑΜΒΙΑ ἀπεφάσισε νὰ διακόψῃ τὰς ἐμπορικὰς σχέσεις της μὲ τὴν Ροδεσίαν. — ΝΕΟΣ σεισμὸς ἐσημειώθη εἰς τὴν Τουρκίαν χωρὶς θύματα. — Ο ΣΟΒΙΕΤΙΚΟΣ πρωθυπουργὸς κ. Κοσύγκιν θὰ ἐπισκεφθῇ τὴν Αἴγυπτον.

Προσέγγισιν τῶν χωρῶν τοῦ ΝΑΤΟ μὲ τὸ κομμουνιστικὸν μπλὸκ προτείνει ἐμμέσως ἡ Βρεταννία
Οὐδόλως θεωρεῖ τὴν συμμαχίαν ὡς τεῖχος καλύψεως τῶν μελῶν

ΛΟΝΔΙΝΟΝ, 3. (Ἀσσ. Πρές). — Ὁ ὑπουργὸς Ἐξωτερικῶν τῆς Μεγάλης Βρεταννίας κ. Στιούαρτ ἐδήλωσεν ὅτι ἡ Συμμαχία τοῦ Βορείου Ἀτλαντικοῦ δὲν πρέπει νὰ θεωρῆται ὡς τεῖχος καλύψεως τῶν μελῶν της, ἀλλ᾿ ὡς ὄργανον προσεγγίσεως μὲ τὰς χώρας τοῦ κομμουνιστικοῦ μπλόκ. Ὁ κ. Στιούαρτ ἐτόνισεν ὅτι ἡ Βρεταννία θὰ ὑποστηρίξῃ πᾶσαν πρωτοβουλίαν ἀποβλέπουσαν εἰς τὴν μείωσιν τῆς διεθνοῦς ἐντάσεως. ΒΑΡΣΟΒΙΑ, 3. (Ἠνωμ. Τύπος). — Ἡ Δανία προτείνει τὴν σύγκλησιν διασκέψεως διὰ τὴν εὐρωπαϊκὴν ἀσφάλειαν. ΝΤΟΡΤΜΟΥΝΤ, 3. — Διαδηλώσεις κατὰ τῶν πυρηνικῶν ὅπλων ἐπραγματοποιήθησαν εἰς διαφόρους πόλεις τῆς Δυτικῆς Γερμανίας.

Η ΠΡΟΤΑΣΙΣ ΤΗΣ ΔΑΝΙΑΣ
ΤΑ ΠΥΡΗΝΙΚΑ ΟΠΛΑ
ΕΠΕΚΡΙΘΗΣΑΝ ΟΙ ΡΟΥΜΑΝΟΙ ΚΑΤΑ ΤΟ ΣΥΝΕΔΡΙΟΝ ΤΩΝ ΚΟΜΜΟΥΝΙΣΤΩΝ ΤΗΣ ΤΣΕΧΟΣΛΟΒΑΚΙΑΣ ΚΑΙ ΕΚΗΡΥΧΘΗ ΣΥΣΠΕΙΡΩΣΙΣ ΠΕΡΙΞ ΤΗΣ ΣΟΒ. ΕΝΩΣΕΩΣ

ΠΡΑΓΑ, 3. (Ρώυτερ). — Κατὰ τὴν τελετὴν λήξεως τοῦ συνεδρίου τοῦ κομμουνιστικοῦ κόμματος τῆς Τσεχοσλοβακίας ἐπεκρίθη ἡ στάσις τῶν Ρουμάνων ἀντιπροσώπων. Οἱ σύνεδροι ἐξέφρασαν τὴν συσπείρωσιν τῶν κομμάτων περιξ τῆς Σοβιετικῆς Ἑνώσεως.

ΚΑΙ ΑΛΛΑΙ ΔΙΚΑΙ ΠΟΛΙΤΙΚΩΝ ΕΙΣ ΤΟ ΚΟΓΚΟ

ΛΕΟΠΟΛΝΤΒΙΛ, 3. (Ἀσσ. Πρές). — Ἀνηγγέλθη ὅτι θὰ διεξαχθοῦν καὶ ἄλλαι δίκαι πολιτικῶν προσώπων κατηγορουμένων ἐπὶ συνωμοσίᾳ κατὰ τῆς κυβερνήσεως τοῦ στρατηγοῦ Μομποῦτου.

ΕΝΔΕΚΑ ΝΕΚΡΟΙ ΚΑΤΑ ΤΗΝ ΣΥΝΤΡΙΒΗΝ ΛΕΩΦΟΡΕΙΟΥ

ΚΩΝΣΤΑΝΤΙΝΟΥΠΟΛΙΣ, 3. (Ἀσσ. Πρές). — Ἕνδεκα ἄτομα ἐφονεύθησαν καὶ εἴκοσι ἐτραυματίσθησαν ὅταν λεωφορεῖον ἔπεσεν εἰς χαράδραν πλησίον τῆς Σμύρνης.

Η ΓΙΟΥΓΚΟΣΛΑΒΙΑ, Η ΙΝΔΙΑ ΚΑΙ Η ΑΙΓΥΠΤΟΣ ΣΥΝΕΦΩΝΗΣΑΝ ΕΙΣ ΠΡΟΣΕΧΗ ΣΥΓΚΛΗΣΙΝ ΔΙΑΣΚΕΨΕΩΣ ΚΟΡΥΦΗΣ ΤΩΝ ΑΔΕΣΜΕΥΤΩΝ

ΒΕΛΙΓΡΑΔΙΟΝ, 3. (Ἀνταπ.). — Ἡ Γιουγκοσλαβία, ἡ Ἰνδία καὶ ἡ Αἴγυπτος συνεφώνησαν εἰς τὴν προσεχῆ σύγκλησιν διασκέψεως κορυφῆς τῶν ἀδεσμεύτων χωρῶν. Ἡ διάσκεψις θὰ πραγματοποιηθῇ εἰς Νέαν Δελχὶ τὸν προσεχῆ Ὀκτώβριον.

Ο ΠΡΟΕΔΡΟΣ ΣΟΕΚΑΡΝΟ ΦΕΡΕΙ ΣΥΝΕΧΩΣ ΕΜΠΟΔΙΑ ΕΙΣ ΤΗΝ ΡΥΘΜΙΣΙΝ ΤΩΝ ΣΧΕΣΕΩΝ ΜΕ ΤΗΝ ΜΑΛΑΙΣΙΑΝ

ΤΖΑΚΑΡΤΑ, 3. (Ρώυτερ). — Ὁ πρόεδρος Σοεκάρνο ἐξακολουθεῖ νὰ προβάλλῃ ἐμπόδια εἰς τὴν ρύθμισιν τῶν σχέσεων μὲ τὴν Μαλαισίαν, κατὰ δηλώσεις κυβερνητικῶν κύκλων.

ΜΙΚΡΑΙ ΑΙ ΠΩΛΗΣΕΙΣ ΑΜΕΡΙΚΑΝΙΚΩΝ ΑΥΤΟΚΙΝΗΤΩΝ

ΝΤΗΤΡΟΪΤ, 3. (Ρώυτερ). — Αἱ πωλήσεις ἀμερικανικῶν αὐτοκινήτων παρουσίασαν μικρὰν κάμψιν κατὰ τὸν τελευταῖον μῆνα.

ΝΕΑΙ ΠΟΙΚΙΛΙΑΙ ΣΤΑΦΥΛΩΝ ΕΙΣ ΒΟΥΛΓΑΡΙΑΝ

ΣΟΦΙΑ, 3. (Γαλλ. Πρακτ.). — Νέαι ποικιλίαι σταφυλῶν ἐδημιουργήθησαν ὑπὸ τῶν γεωπονικῶν ἰνστιτούτων τῆς Βουλγαρίας.

ΑΠΕΠΛΕΥΣΕ ΤΟ ΑΜΕΡΙΚΑΝΙΚΟΝ ΑΤΟΜΙΚΟΝ ΥΠΟΒΡΥΧΙΟΝ ΥΠΟ ΤΑΣ ΚΡΑΥΓΑΣ ΑΠΟΔΟΚΙΜΑΣΙΑΣ ΤΩΝ ΙΑΠΩΝΩΝ

ΤΟΚΙΟ, 3. (Ρώυτερ). — Τὸ ἀμερικανικὸν ἀτομικὸν ὑποβρύχιον ἀπέπλευσε ἐκ τοῦ λιμένος τῆς Γιοκοσούκα ὑπὸ τὰς κραυγὰς ἀποδοκιμασίας χιλιάδων Ἰαπώνων διαδηλωτῶν.

Ἡ Ἀμερικὴ καλεῖ τὴν Κίναν νὰ διαλύσῃ ἀμέσως τὰς πυρηνικὰς δομὰς της
ΚΑΙ ΥΠΟΣΧΕΤΑΙ ΝΑ ΜΗ ΚΑΤΑΦΕΡΗ ΤΟ ΠΡΩΤΟΝ ΠΥΡΗΝΙΚΟΝ ΠΛΗΓΜΑ

ΟΥΑΣΙΓΚΤΩΝ, 3. (Ἀσσοσ. Πρές). — Αἱ Ἡνωμέναι Πολιτεῖαι ἐκάλεσαν τὴν Κομμουνιστικὴν Κίναν νὰ διαλύσῃ ἀμέσως τὰς πυρηνικάς της ἐγκαταστάσεις καὶ ὑπεσχέθησαν ὅτι δὲν θὰ καταφέρουν πρῶτοι πυρηνικὸν πλῆγμα. Ὁ Ἀμερικανὸς ἀντιπρόσωπος εἰς τὴν διάσκεψιν ἀφοπλισμοῦ ἐτόνισεν ὅτι ἡ Κίνα ἀποτελεῖ κίνδυνον διὰ τὴν παγκόσμιον εἰρήνην καὶ ὅτι πρέπει νὰ προσχωρήσῃ εἰς τὴν συνθήκην ἀπαγορεύσεως τῶν πυρηνικῶν δοκιμῶν. Ὁ κ. Φόστερ ἐζήτησε τὴν ἔναρξιν διαπραγματεύσεων διὰ τὴν μείωσιν τῶν πυρηνικῶν ὁπλοστασίων.

ΟΥΑΣΙΓΚΤΩΝ, 3. (Ἀσσοσ. Πρές). — Αἱ Ἡνωμέναι Πολιτεῖαι ἐκάλεσαν τὴν Κομμουνιστικὴν Κίναν νὰ διαλύσῃ ἀμέσως τὰς πυρηνικάς της ἐγκαταστάσεις καὶ ὑπεσχέθησαν ὅτι δὲν θὰ καταφέρουν πρῶτοι πυρηνικὸν πλῆγμα. Ὁ Ἀμερικανὸς ἀντιπρόσωπος εἰς τὴν διάσκεψιν ἀφοπλισμοῦ ἐτόνισεν ὅτι ἡ Κίνα ἀποτελεῖ κίνδυνον διὰ τὴν παγκόσμιον εἰρήνην καὶ ὅτι πρέπει νὰ προσχωρήσῃ εἰς τὴν συνθήκην ἀπαγορεύσεως τῶν πυρηνικῶν δοκιμῶν. Ὁ κ. Φόστερ ἐζήτησε τὴν ἔναρξιν διαπραγματεύσεων διὰ τὴν μείωσιν τῶν πυρηνικῶν ὁπλοστασίων.

ΣΠΥΡΟΣ ΛΥΜΠΕΡΟΠΟΥΛΟΣ
Υ
Τ
Ι
